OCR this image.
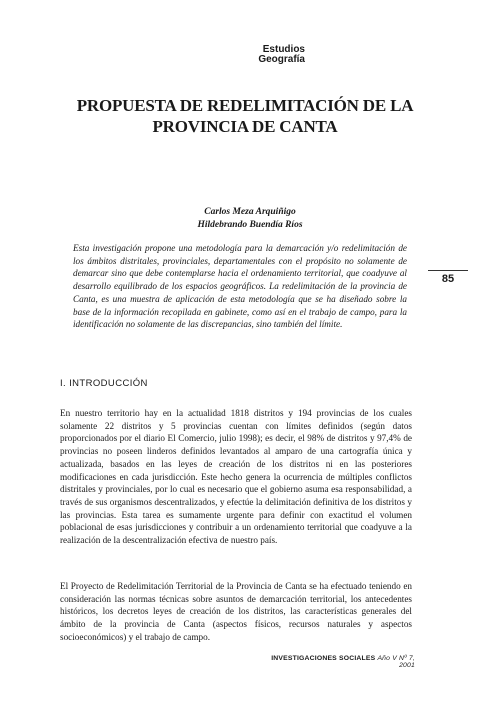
Estudios
Geografía
PROPUESTA DE REDELIMITACIÓN DE LA PROVINCIA DE CANTA
Carlos Meza Arquiñigo
Hildebrando Buendía Ríos
Esta investigación propone una metodología para la demarcación y/o redelimitación de los ámbitos distritales, provinciales, departamentales con el propósito no solamente de demarcar sino que debe contemplarse hacia el ordenamiento territorial, que coadyuve al desarrollo equilibrado de los espacios geográficos. La redelimitación de la provincia de Canta, es una muestra de aplicación de esta metodología que se ha diseñado sobre la base de la información recopilada en gabinete, como así en el trabajo de campo, para la identificación no solamente de las discrepancias, sino también del límite.
85
I. INTRODUCCIÓN
En nuestro territorio hay en la actualidad 1818 distritos y 194 provincias de los cuales solamente 22 distritos y 5 provincias cuentan con límites definidos (según datos proporcionados por el diario El Comercio, julio 1998); es decir, el 98% de distritos y 97,4% de provincias no poseen linderos definidos levantados al amparo de una cartografía única y actualizada, basados en las leyes de creación de los distritos ni en las posteriores modificaciones en cada jurisdicción. Este hecho genera la ocurrencia de múltiples conflictos distritales y provinciales, por lo cual es necesario que el gobierno asuma esa responsabilidad, a través de sus organismos descentralizados, y efectúe la delimitación definitiva de los distritos y las provincias. Esta tarea es sumamente urgente para definir con exactitud el volumen poblacional de esas jurisdicciones y contribuir a un ordenamiento territorial que coadyuve a la realización de la descentralización efectiva de nuestro país.
El Proyecto de Redelimitación Territorial de la Provincia de Canta se ha efectuado teniendo en consideración las normas técnicas sobre asuntos de demarcación territorial, los antecedentes históricos, los decretos leyes de creación de los distritos, las características generales del ámbito de la provincia de Canta (aspectos físicos, recursos naturales y aspectos socioeconómicos) y el trabajo de campo.
INVESTIGACIONES SOCIALES Año V Nº 7, 2001
